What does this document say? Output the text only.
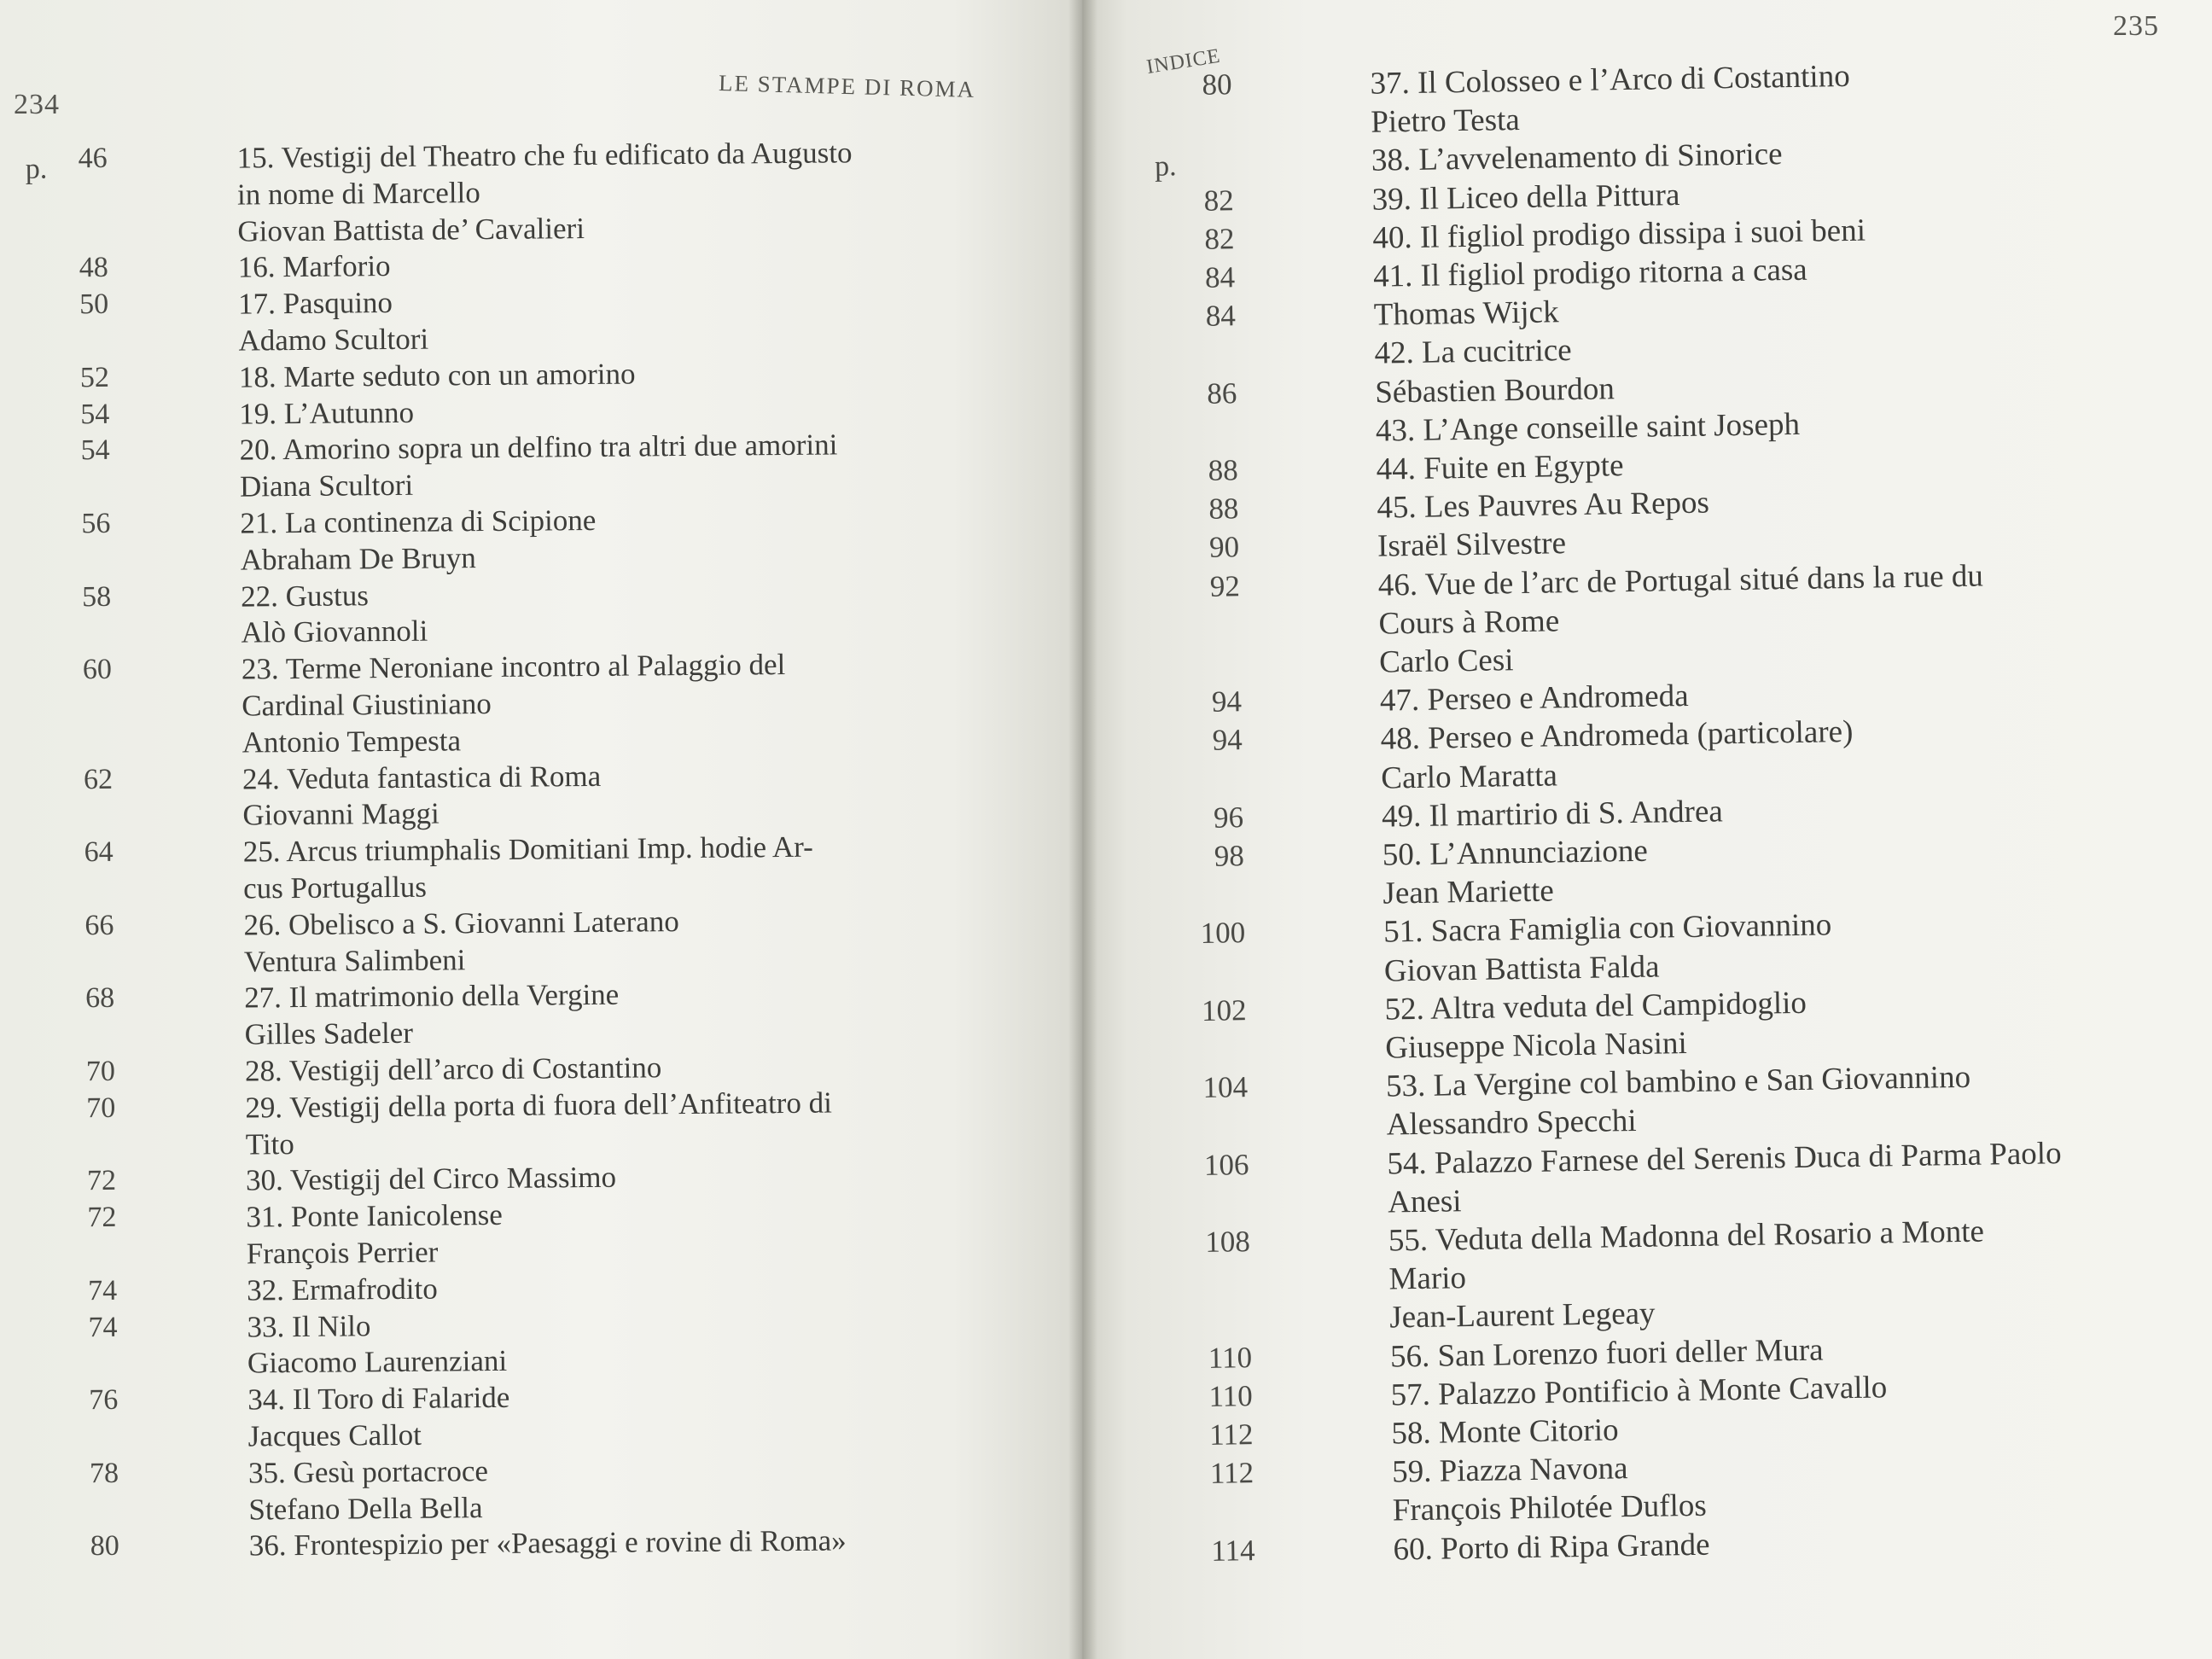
234
LE STAMPE DI ROMA
p.	46	15. Vestigij del Theatro che fu edificato da Augusto
in nome di Marcello
Giovan Battista de’ Cavalieri
48	16. Marforio
50	17. Pasquino
Adamo Scultori
52	18. Marte seduto con un amorino
54	19. L’Autunno
54	20. Amorino sopra un delfino tra altri due amorini
Diana Scultori
56	21. La continenza di Scipione
Abraham De Bruyn
58	22. Gustus
Alò Giovannoli
60	23. Terme Neroniane incontro al Palaggio del
Cardinal Giustiniano
Antonio Tempesta
62	24. Veduta fantastica di Roma
Giovanni Maggi
64	25. Arcus triumphalis Domitiani Imp. hodie Ar-
cus Portugallus
66	26. Obelisco a S. Giovanni Laterano
Ventura Salimbeni
68	27. Il matrimonio della Vergine
Gilles Sadeler
70	28. Vestigij dell’arco di Costantino
70	29. Vestigij della porta di fuora dell’Anfiteatro di
Tito
72	30. Vestigij del Circo Massimo
72	31. Ponte Ianicolense
François Perrier
74	32. Ermafrodito
74	33. Il Nilo
Giacomo Laurenziani
76	34. Il Toro di Falaride
Jacques Callot
78	35. Gesù portacroce
Stefano Della Bella
80	36. Frontespizio per «Paesaggi e rovine di Roma»
235
INDICE
p.
80	37. Il Colosseo e l’Arco di Costantino
Pietro Testa
38. L’avvelenamento di Sinorice
82	39. Il Liceo della Pittura
82	40. Il figliol prodigo dissipa i suoi beni
84	41. Il figliol prodigo ritorna a casa
84	Thomas Wijck
42. La cucitrice
86	Sébastien Bourdon
43. L’Ange conseille saint Joseph
88	44. Fuite en Egypte
88	45. Les Pauvres Au Repos
90	Israël Silvestre
92	46. Vue de l’arc de Portugal situé dans la rue du
Cours à Rome
Carlo Cesi
94	47. Perseo e Andromeda
94	48. Perseo e Andromeda (particolare)
Carlo Maratta
96	49. Il martirio di S. Andrea
98	50. L’Annunciazione
Jean Mariette
100	51. Sacra Famiglia con Giovannino
Giovan Battista Falda
102	52. Altra veduta del Campidoglio
Giuseppe Nicola Nasini
104	53. La Vergine col bambino e San Giovannino
Alessandro Specchi
106	54. Palazzo Farnese del Serenis Duca di Parma Paolo
Anesi
108	55. Veduta della Madonna del Rosario a Monte
Mario
Jean-Laurent Legeay
110	56. San Lorenzo fuori deller Mura
110	57. Palazzo Pontificio à Monte Cavallo
112	58. Monte Citorio
112	59. Piazza Navona
François Philotée Duflos
114	60. Porto di Ripa Grande
